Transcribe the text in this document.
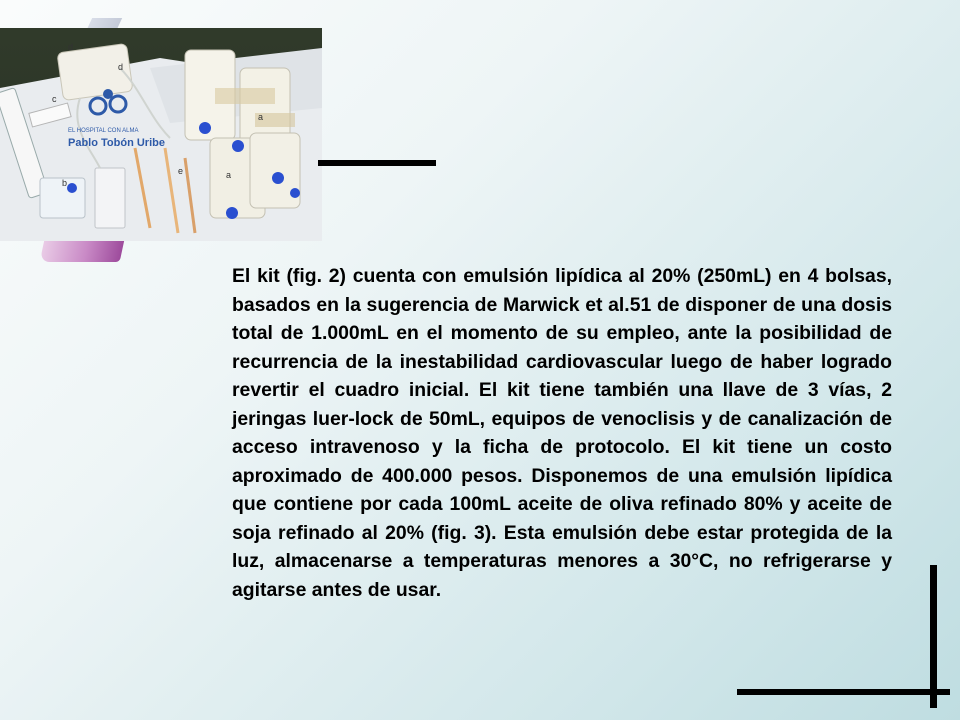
EL HOSPITAL CON ALMA
Pablo Tobón Uribe
d
d
c
b
e	a
a

El kit (fig. 2) cuenta con emulsión lipídica al 20% (250mL) en 4 bolsas, basados en la sugerencia de Marwick et al.51 de disponer de una dosis total de 1.000mL en el momento de su empleo, ante la posibilidad de recurrencia de la inestabilidad cardiovascular luego de haber logrado revertir el cuadro inicial. El kit tiene también una llave de 3 vías, 2 jeringas luer-lock de 50mL, equipos de venoclisis y de canalización de acceso intravenoso y la ficha de protocolo. El kit tiene un costo aproximado de 400.000 pesos. Disponemos de una emulsión lipídica que contiene por cada 100mL aceite de oliva refinado 80% y aceite de soja refinado al 20% (fig. 3). Esta emulsión debe estar protegida de la luz, almacenarse a temperaturas menores a 30°C, no refrigerarse y agitarse antes de usar.
